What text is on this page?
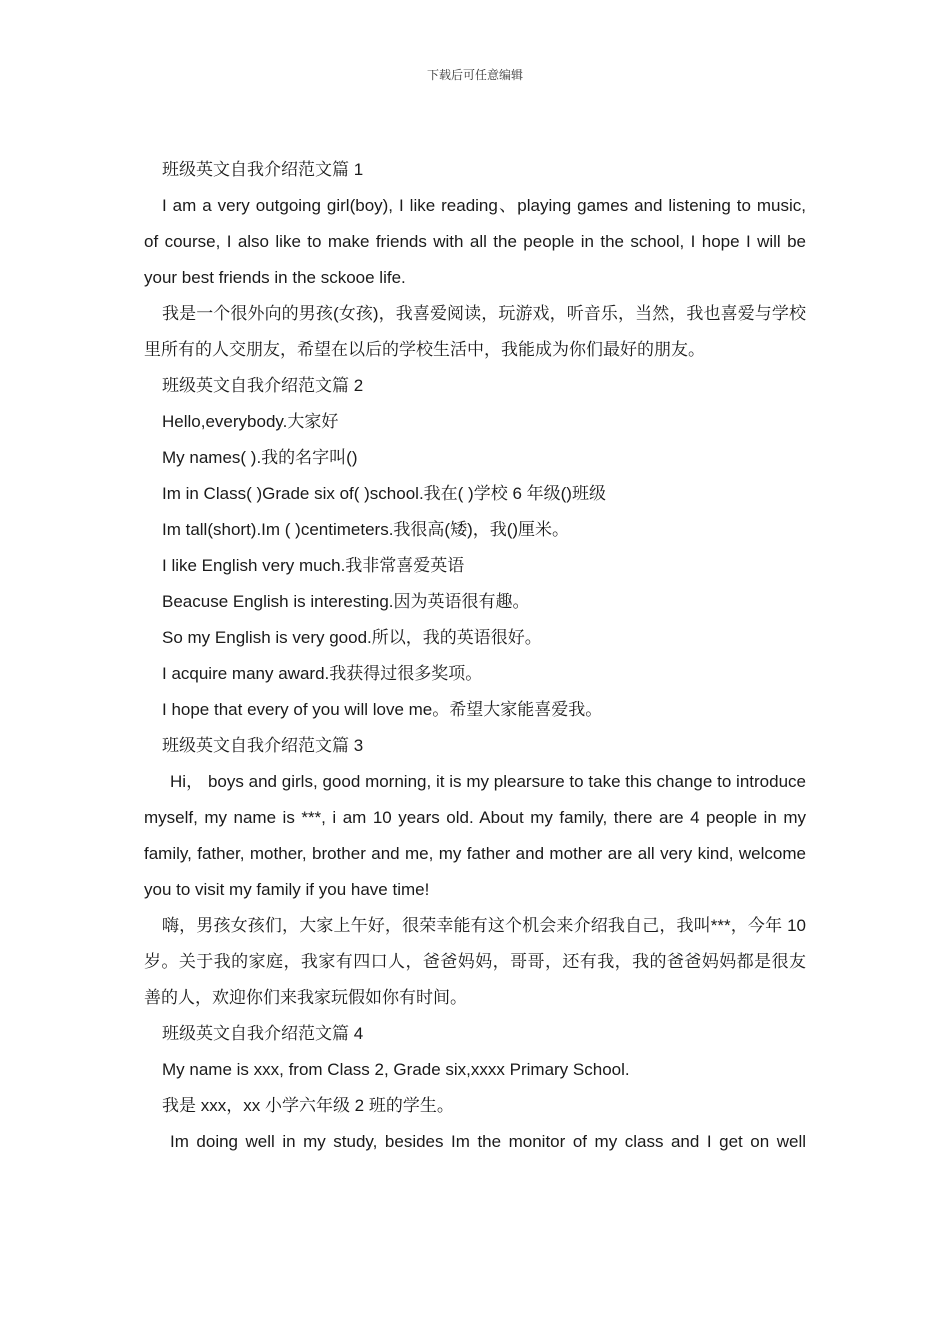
下载后可任意编辑

班级英文自我介绍范文篇 1

I am a very outgoing girl(boy), I like reading、playing games and listening to music, of course, I also like to make friends with all the people in the school, I hope I will be your best friends in the sckooe life.

我是一个很外向的男孩(女孩)，我喜爱阅读，玩游戏，听音乐，当然，我也喜爱与学校里所有的人交朋友，希望在以后的学校生活中，我能成为你们最好的朋友。

班级英文自我介绍范文篇 2

Hello,everybody.大家好

My names( ).我的名字叫()

Im in Class( )Grade six of( )school.我在( )学校 6 年级()班级

Im tall(short).Im ( )centimeters.我很高(矮)，我()厘米。

I like English very much.我非常喜爱英语

Beacuse English is interesting.因为英语很有趣。

So my English is very good.所以，我的英语很好。

I acquire many award.我获得过很多奖项。

I hope that every of you will love me。希望大家能喜爱我。

班级英文自我介绍范文篇 3

Hi， boys and girls, good morning, it is my plearsure to take this change to introduce myself, my name is ***, i am 10 years old. About my family, there are 4 people in my family, father, mother, brother and me, my father and mother are all very kind, welcome you to visit my family if you have time!

嗨，男孩女孩们，大家上午好，很荣幸能有这个机会来介绍我自己，我叫***，今年 10 岁。关于我的家庭，我家有四口人，爸爸妈妈，哥哥，还有我，我的爸爸妈妈都是很友善的人，欢迎你们来我家玩假如你有时间。

班级英文自我介绍范文篇 4

My name is xxx, from Class 2, Grade six,xxxx Primary School.

我是 xxx，xx 小学六年级 2 班的学生。

Im doing well in my study, besides Im the monitor of my class and I get on well
